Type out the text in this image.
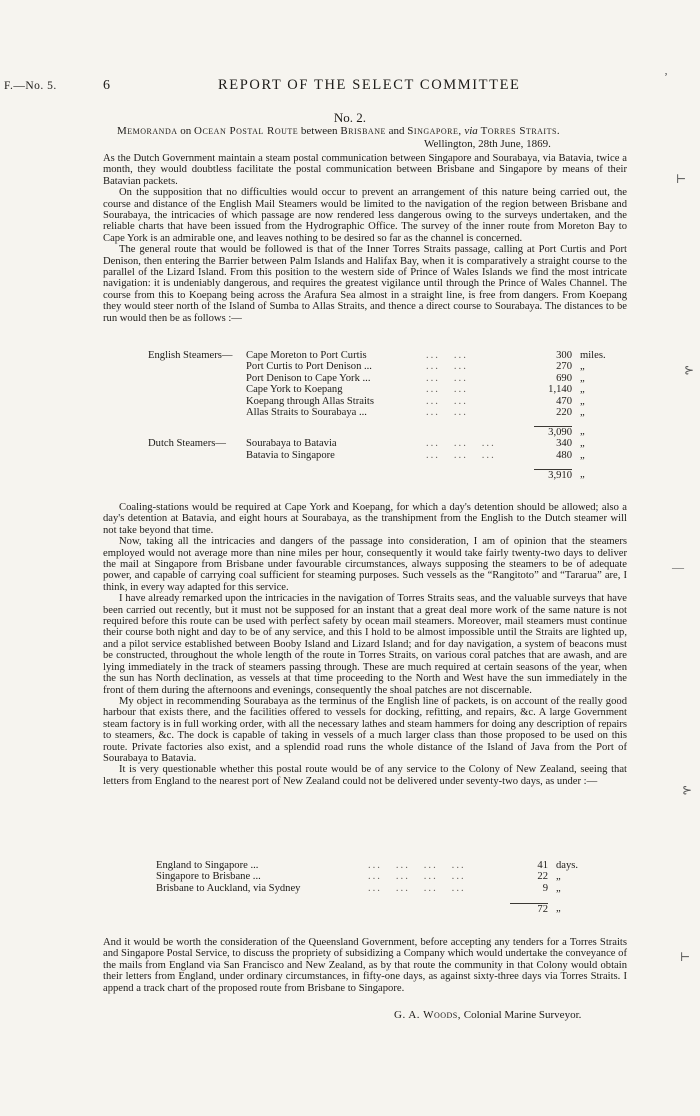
F.—No. 5.	6	REPORT OF THE SELECT COMMITTEE
No. 2.
Memoranda on Ocean Postal Route between Brisbane and Singapore, via Torres Straits.
Wellington, 28th June, 1869.

As the Dutch Government maintain a steam postal communication between Singapore and Sourabaya, via Batavia, twice a month, they would doubtless facilitate the postal communication between Brisbane and Singapore by means of their Batavian packets.

On the supposition that no difficulties would occur to prevent an arrangement of this nature being carried out, the course and distance of the English Mail Steamers would be limited to the navigation of the region between Brisbane and Sourabaya, the intricacies of which passage are now rendered less dangerous owing to the surveys undertaken, and the reliable charts that have been issued from the Hydrographic Office. The survey of the inner route from Moreton Bay to Cape York is an admirable one, and leaves nothing to be desired so far as the channel is concerned.

The general route that would be followed is that of the Inner Torres Straits passage, calling at Port Curtis and Port Denison, then entering the Barrier between Palm Islands and Halifax Bay, when it is comparatively a straight course to the parallel of the Lizard Island. From this position to the western side of Prince of Wales Islands we find the most intricate navigation: it is undeniably dangerous, and requires the greatest vigilance until through the Prince of Wales Channel. The course from this to Koepang being across the Arafura Sea almost in a straight line, is free from dangers. From Koepang they would steer north of the Island of Sumba to Allas Straits, and thence a direct course to Sourabaya. The distances to be run would then be as follows :—

English Steamers—	Cape Moreton to Port Curtis	...   ...	300	miles.
	Port Curtis to Port Denison ...	...   ...	270	„
	Port Denison to Cape York ...	...   ...	690	„
	Cape York to Koepang	...   ...	1,140	„
	Koepang through Allas Straits	...   ...	470	„
	Allas Straits to Sourabaya ...	...   ...	220	„

			3,090	„
Dutch Steamers—	Sourabaya to Batavia	...   ...   ...	340	„
	Batavia to Singapore	...   ...   ...	480	„

			3,910	„

Coaling-stations would be required at Cape York and Koepang, for which a day's detention should be allowed; also a day's detention at Batavia, and eight hours at Sourabaya, as the transhipment from the English to the Dutch steamer will not take beyond that time.

Now, taking all the intricacies and dangers of the passage into consideration, I am of opinion that the steamers employed would not average more than nine miles per hour, consequently it would take fairly twenty-two days to deliver the mail at Singapore from Brisbane under favourable circumstances, always supposing the steamers to be of adequate power, and capable of carrying coal sufficient for steaming purposes. Such vessels as the “Rangitoto” and “Tararua” are, I think, in every way adapted for this service.

I have already remarked upon the intricacies in the navigation of Torres Straits seas, and the valuable surveys that have been carried out recently, but it must not be supposed for an instant that a great deal more work of the same nature is not required before this route can be used with perfect safety by ocean mail steamers. Moreover, mail steamers must continue their course both night and day to be of any service, and this I hold to be almost impossible until the Straits are lighted up, and a pilot service established between Booby Island and Lizard Island; and for day navigation, a system of beacons must be constructed, throughout the whole length of the route in Torres Straits, on various coral patches that are awash, and are lying immediately in the track of steamers passing through. These are much required at certain seasons of the year, when the sun has North declination, as vessels at that time proceeding to the North and West have the sun immediately in the front of them during the afternoons and evenings, consequently the shoal patches are not discernable.

My object in recommending Sourabaya as the terminus of the English line of packets, is on account of the really good harbour that exists there, and the facilities offered to vessels for docking, refitting, and repairs, &c. A large Government steam factory is in full working order, with all the necessary lathes and steam hammers for doing any description of repairs to steamers, &c. The dock is capable of taking in vessels of a much larger class than those proposed to be used on this route. Private factories also exist, and a splendid road runs the whole distance of the Island of Java from the Port of Sourabaya to Batavia.

It is very questionable whether this postal route would be of any service to the Colony of New Zealand, seeing that letters from England to the nearest port of New Zealand could not be delivered under seventy-two days, as under :—

England to Singapore ...	...   ...   ...   ...	41	days.
Singapore to Brisbane ...	...   ...   ...   ...	22	„
Brisbane to Auckland, via Sydney	...   ...   ...   ...	9	„

		72	„

And it would be worth the consideration of the Queensland Government, before accepting any tenders for a Torres Straits and Singapore Postal Service, to discuss the propriety of subsidizing a Company which would undertake the conveyance of the mails from England via San Francisco and New Zealand, as by that route the community in that Colony would obtain their letters from England, under ordinary circumstances, in fifty-one days, as against sixty-three days via Torres Straits. I append a track chart of the proposed route from Brisbane to Singapore.

G. A. Woods, Colonial Marine Surveyor.
ʼ
⊢
⊱
—
⊱
⊢
